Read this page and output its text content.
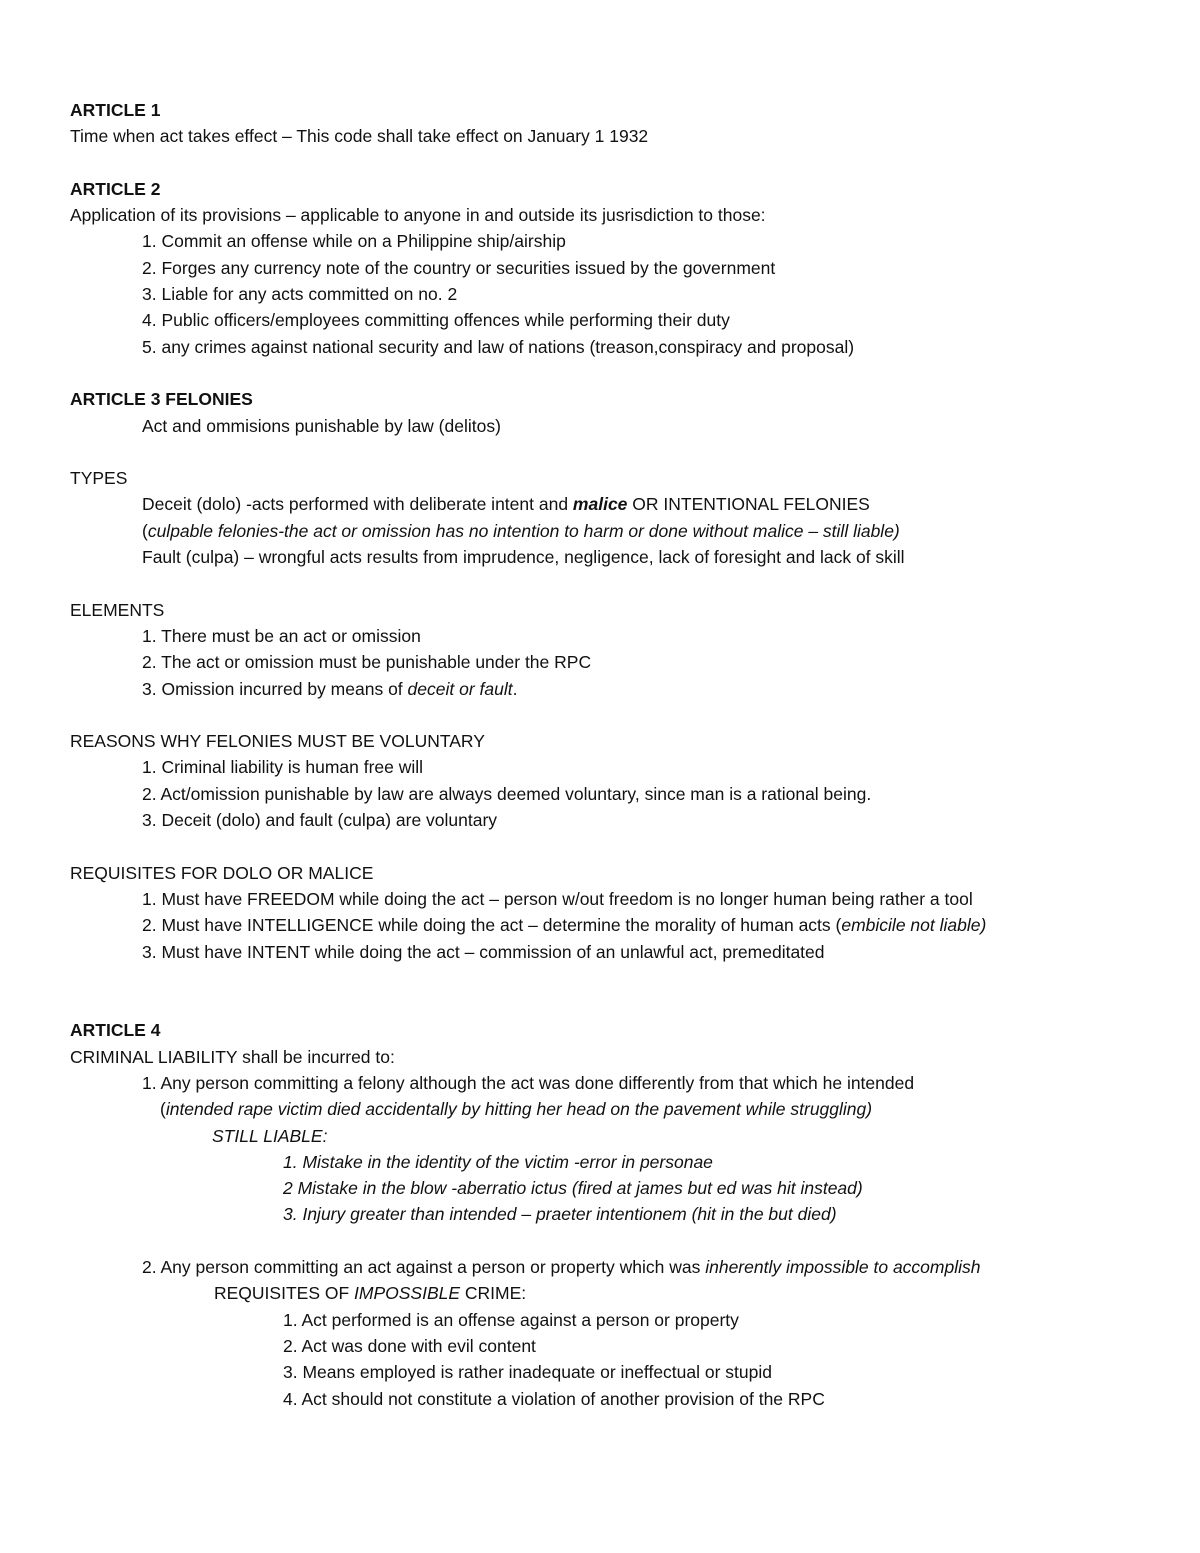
ARTICLE 1
Time when act takes effect – This code shall take effect on January 1 1932
ARTICLE 2
Application of its provisions – applicable to anyone in and outside its jusrisdiction to those:
1. Commit an offense while on a Philippine ship/airship
2. Forges any currency note of the country or securities issued by the government
3. Liable for any acts committed on no. 2
4. Public officers/employees committing offences while performing their duty
5. any crimes against national security and law of nations (treason,conspiracy and proposal)
ARTICLE 3 FELONIES
Act and ommisions punishable by law (delitos)
TYPES
Deceit (dolo) -acts performed with deliberate intent and malice OR INTENTIONAL FELONIES
(culpable felonies-the act or omission has no intention to harm or done without malice – still liable)
Fault (culpa) – wrongful acts results from imprudence, negligence, lack of foresight and lack of skill
ELEMENTS
1. There must be an act or omission
2. The act or omission must be punishable under the RPC
3. Omission incurred by means of deceit or fault.
REASONS WHY FELONIES MUST BE VOLUNTARY
1. Criminal liability is human free will
2. Act/omission punishable by law are always deemed voluntary, since man is a rational being.
3. Deceit (dolo) and fault (culpa) are voluntary
REQUISITES FOR DOLO OR MALICE
1. Must have FREEDOM while doing the act – person w/out freedom is no longer human being rather a tool
2. Must have INTELLIGENCE while doing the act – determine the morality of human acts (embicile not liable)
3. Must have INTENT while doing the act – commission of an unlawful act, premeditated
ARTICLE 4
CRIMINAL LIABILITY shall be incurred to:
1. Any person committing a felony although the act was done differently from that which he intended
(intended rape victim died accidentally by hitting her head on the pavement while struggling)
STILL LIABLE:
1. Mistake in the identity of the victim -error in personae
2 Mistake in the blow -aberratio ictus (fired at james but ed was hit instead)
3. Injury greater than intended – praeter intentionem (hit in the but died)
2. Any person committing an act against a person or property which was inherently impossible to accomplish
REQUISITES OF IMPOSSIBLE CRIME:
1. Act performed is an offense against a person or property
2. Act was done with evil content
3. Means employed is rather inadequate or ineffectual or stupid
4. Act should not constitute a violation of another provision of the RPC
